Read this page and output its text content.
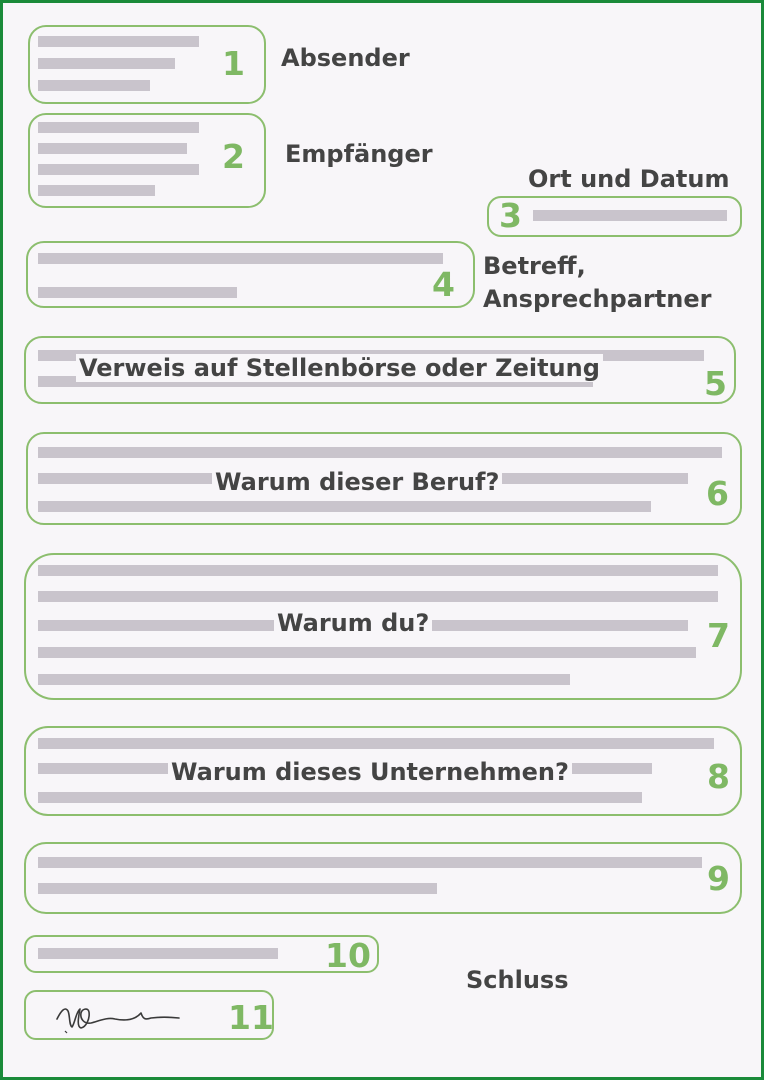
1 Absender
2 Empfänger
Ort und Datum
3
4 Betreff,
Ansprechpartner
Verweis auf Stellenbörse oder Zeitung	5
Warum dieser Beruf?	6
Warum du?	7
Warum dieses Unternehmen?	8
9
10
Schluss
11
